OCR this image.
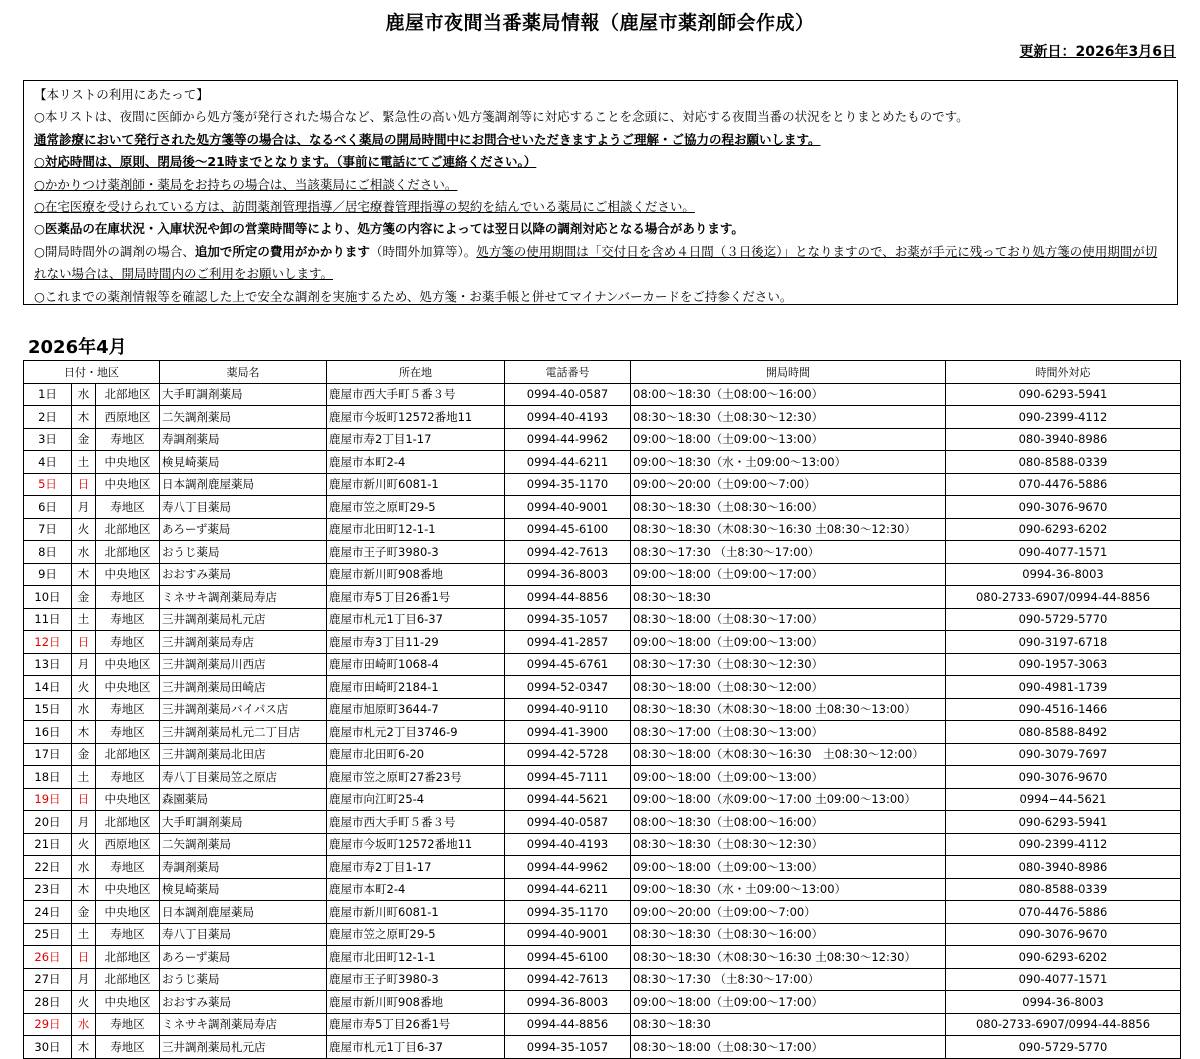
鹿屋市夜間当番薬局情報（鹿屋市薬剤師会作成）
更新日：2026年3月6日
【本リストの利用にあたって】
○本リストは、夜間に医師から処方箋が発行された場合など、緊急性の高い処方箋調剤等に対応することを念頭に、対応する夜間当番の状況をとりまとめたものです。
通常診療において発行された処方箋等の場合は、なるべく薬局の開局時間中にお問合せいただきますようご理解・ご協力の程お願いします。
○対応時間は、原則、閉局後～21時までとなります。（事前に電話にてご連絡ください。）
○かかりつけ薬剤師・薬局をお持ちの場合は、当該薬局にご相談ください。
○在宅医療を受けられている方は、訪問薬剤管理指導／居宅療養管理指導の契約を結んでいる薬局にご相談ください。
○医薬品の在庫状況・入庫状況や卸の営業時間等により、処方箋の内容によっては翌日以降の調剤対応となる場合があります。
○開局時間外の調剤の場合、追加で所定の費用がかかります（時間外加算等）。処方箋の使用期間は「交付日を含め４日間（３日後迄）」となりますので、お薬が手元に残っており処方箋の使用期間が切れない場合は、開局時間内のご利用をお願いします。
○これまでの薬剤情報等を確認した上で安全な調剤を実施するため、処方箋・お薬手帳と併せてマイナンバーカードをご持参ください。
2026年4月
日付・地区			薬局名	所在地	電話番号	開局時間	時間外対応
1日	水	北部地区	大手町調剤薬局	鹿屋市西大手町５番３号	0994-40-0587	08:00～18:30（土08:00～16:00）	090-6293-5941
2日	木	西原地区	二矢調剤薬局	鹿屋市今坂町12572番地11	0994-40-4193	08:30～18:30（土08:30～12:30）	090-2399-4112
3日	金	寿地区	寿調剤薬局	鹿屋市寿2丁目1-17	0994-44-9962	09:00～18:00（土09:00～13:00）	080-3940-8986
4日	土	中央地区	検見崎薬局	鹿屋市本町2-4	0994-44-6211	09:00～18:30（水・土09:00～13:00）	080-8588-0339
5日	日	中央地区	日本調剤鹿屋薬局	鹿屋市新川町6081-1	0994-35-1170	09:00～20:00（土09:00～7:00）	070-4476-5886
6日	月	寿地区	寿八丁目薬局	鹿屋市笠之原町29-5	0994-40-9001	08:30～18:30（土08:30～16:00）	090-3076-9670
7日	火	北部地区	あろーず薬局	鹿屋市北田町12-1-1	0994-45-6100	08:30～18:30（木08:30～16:30 土08:30～12:30）	090-6293-6202
8日	水	北部地区	おうじ薬局	鹿屋市王子町3980-3	0994-42-7613	08:30～17:30 （土8:30～17:00）	090-4077-1571
9日	木	中央地区	おおすみ薬局	鹿屋市新川町908番地	0994-36-8003	09:00～18:00（土09:00～17:00）	0994-36-8003
10日	金	寿地区	ミネサキ調剤薬局寿店	鹿屋市寿5丁目26番1号	0994-44-8856	08:30～18:30	080-2733-6907/0994-44-8856
11日	土	寿地区	三井調剤薬局札元店	鹿屋市札元1丁目6-37	0994-35-1057	08:30～18:00（土08:30～17:00）	090-5729-5770
12日	日	寿地区	三井調剤薬局寿店	鹿屋市寿3丁目11-29	0994-41-2857	09:00～18:00（土09:00～13:00）	090-3197-6718
13日	月	中央地区	三井調剤薬局川西店	鹿屋市田崎町1068-4	0994-45-6761	08:30～17:30（土08:30～12:30）	090-1957-3063
14日	火	中央地区	三井調剤薬局田崎店	鹿屋市田崎町2184-1	0994-52-0347	08:30～18:00（土08:30～12:00）	090-4981-1739
15日	水	寿地区	三井調剤薬局バイパス店	鹿屋市旭原町3644-7	0994-40-9110	08:30～18:30（木08:30～18:00 土08:30～13:00）	090-4516-1466
16日	木	寿地区	三井調剤薬局札元二丁目店	鹿屋市札元2丁目3746-9	0994-41-3900	08:30～17:00（土08:30～13:00）	080-8588-8492
17日	金	北部地区	三井調剤薬局北田店	鹿屋市北田町6-20	0994-42-5728	08:30～18:00（木08:30～16:30　土08:30～12:00）	090-3079-7697
18日	土	寿地区	寿八丁目薬局笠之原店	鹿屋市笠之原町27番23号	0994-45-7111	09:00～18:00（土09:00～13:00）	090-3076-9670
19日	日	中央地区	森園薬局	鹿屋市向江町25-4	0994-44-5621	09:00～18:00（水09:00～17:00 土09:00～13:00）	0994−44-5621
20日	月	北部地区	大手町調剤薬局	鹿屋市西大手町５番３号	0994-40-0587	08:00～18:30（土08:00～16:00）	090-6293-5941
21日	火	西原地区	二矢調剤薬局	鹿屋市今坂町12572番地11	0994-40-4193	08:30～18:30（土08:30～12:30）	090-2399-4112
22日	水	寿地区	寿調剤薬局	鹿屋市寿2丁目1-17	0994-44-9962	09:00～18:00（土09:00～13:00）	080-3940-8986
23日	木	中央地区	検見崎薬局	鹿屋市本町2-4	0994-44-6211	09:00～18:30（水・土09:00～13:00）	080-8588-0339
24日	金	中央地区	日本調剤鹿屋薬局	鹿屋市新川町6081-1	0994-35-1170	09:00～20:00（土09:00～7:00）	070-4476-5886
25日	土	寿地区	寿八丁目薬局	鹿屋市笠之原町29-5	0994-40-9001	08:30～18:30（土08:30～16:00）	090-3076-9670
26日	日	北部地区	あろーず薬局	鹿屋市北田町12-1-1	0994-45-6100	08:30～18:30（木08:30～16:30 土08:30～12:30）	090-6293-6202
27日	月	北部地区	おうじ薬局	鹿屋市王子町3980-3	0994-42-7613	08:30～17:30 （土8:30～17:00）	090-4077-1571
28日	火	中央地区	おおすみ薬局	鹿屋市新川町908番地	0994-36-8003	09:00～18:00（土09:00～17:00）	0994-36-8003
29日	水	寿地区	ミネサキ調剤薬局寿店	鹿屋市寿5丁目26番1号	0994-44-8856	08:30～18:30	080-2733-6907/0994-44-8856
30日	木	寿地区	三井調剤薬局札元店	鹿屋市札元1丁目6-37	0994-35-1057	08:30～18:00（土08:30～17:00）	090-5729-5770
